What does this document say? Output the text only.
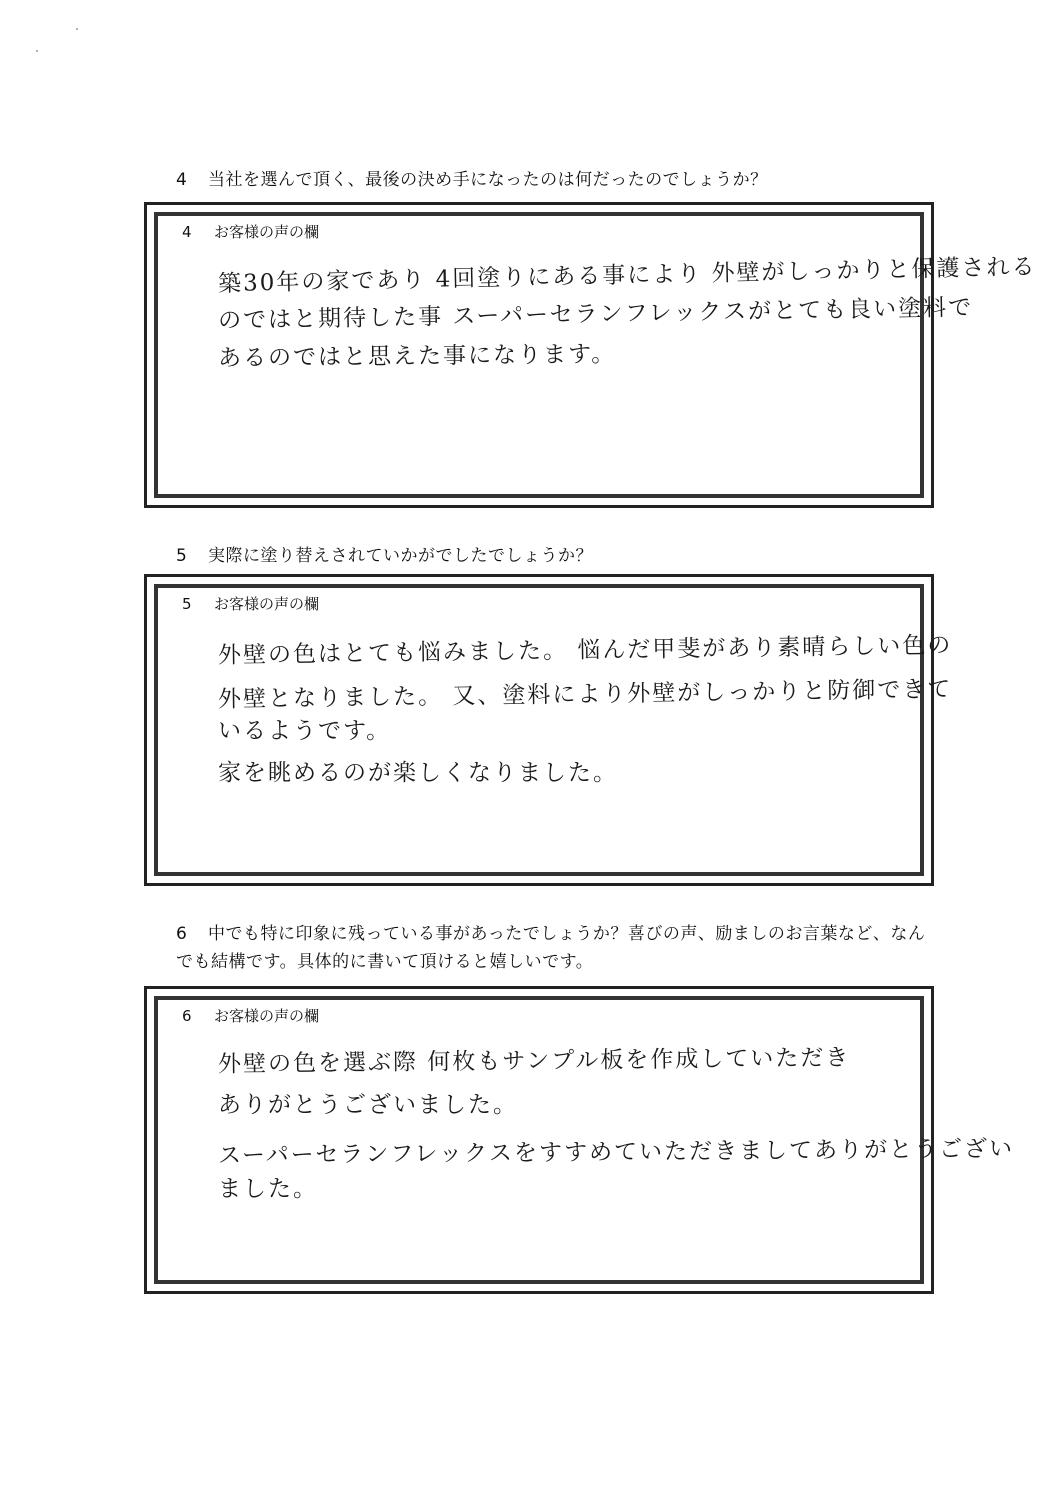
4 当社を選んで頂く、最後の決め手になったのは何だったのでしょうか？
4 お客様の声の欄
築30年の家であり 4回塗りにある事により 外壁がしっかりと保護される
のではと期待した事 スーパーセランフレックスがとても良い塗料で
あるのではと思えた事になります。
5 実際に塗り替えされていかがでしたでしょうか？
5 お客様の声の欄
外壁の色はとても悩みました。 悩んだ甲斐があり素晴らしい色の
外壁となりました。 又、塗料により外壁がしっかりと防御できて
いるようです。
家を眺めるのが楽しくなりました。
6 中でも特に印象に残っている事があったでしょうか？喜びの声、励ましのお言葉など、なんでも結構です。具体的に書いて頂けると嬉しいです。
6 お客様の声の欄
外壁の色を選ぶ際 何枚もサンプル板を作成していただき
ありがとうございました。
スーパーセランフレックスをすすめていただきましてありがとうござい
ました。
